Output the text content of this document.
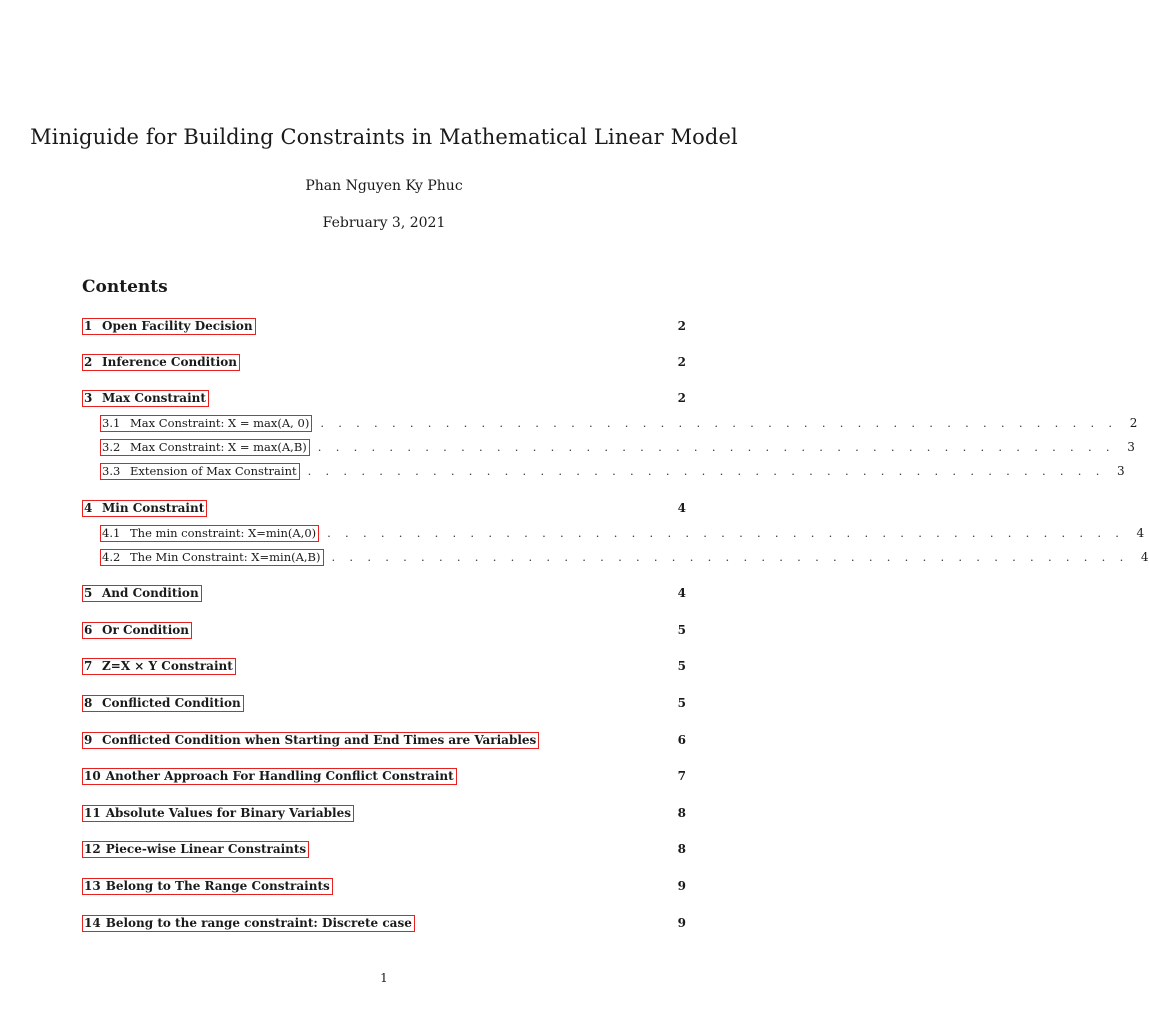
Miniguide for Building Constraints in Mathematical Linear Model
Phan Nguyen Ky Phuc
February 3, 2021
Contents
1 Open Facility Decision	2
2 Inference Condition	2
3 Max Constraint	2
3.1 Max Constraint: X = max(A, 0) . . . . . . . . . . . . . . . . . . . . . . . . . . . . . . . . . . . . . . . . . . . . .	2
3.2 Max Constraint: X = max(A,B) . . . . . . . . . . . . . . . . . . . . . . . . . . . . . . . . . . . . . . . . . . . . .	3
3.3 Extension of Max Constraint . . . . . . . . . . . . . . . . . . . . . . . . . . . . . . . . . . . . . . . . . . . . .	3
4 Min Constraint	4
4.1 The min constraint: X=min(A,0) . . . . . . . . . . . . . . . . . . . . . . . . . . . . . . . . . . . . . . . . . . . . .	4
4.2 The Min Constraint: X=min(A,B) . . . . . . . . . . . . . . . . . . . . . . . . . . . . . . . . . . . . . . . . . . . . .	4
5 And Condition	4
6 Or Condition	5
7 Z=X × Y Constraint	5
8 Conflicted Condition	5
9 Conflicted Condition when Starting and End Times are Variables	6
10 Another Approach For Handling Conflict Constraint	7
11 Absolute Values for Binary Variables	8
12 Piece-wise Linear Constraints	8
13 Belong to The Range Constraints	9
14 Belong to the range constraint: Discrete case	9
1
